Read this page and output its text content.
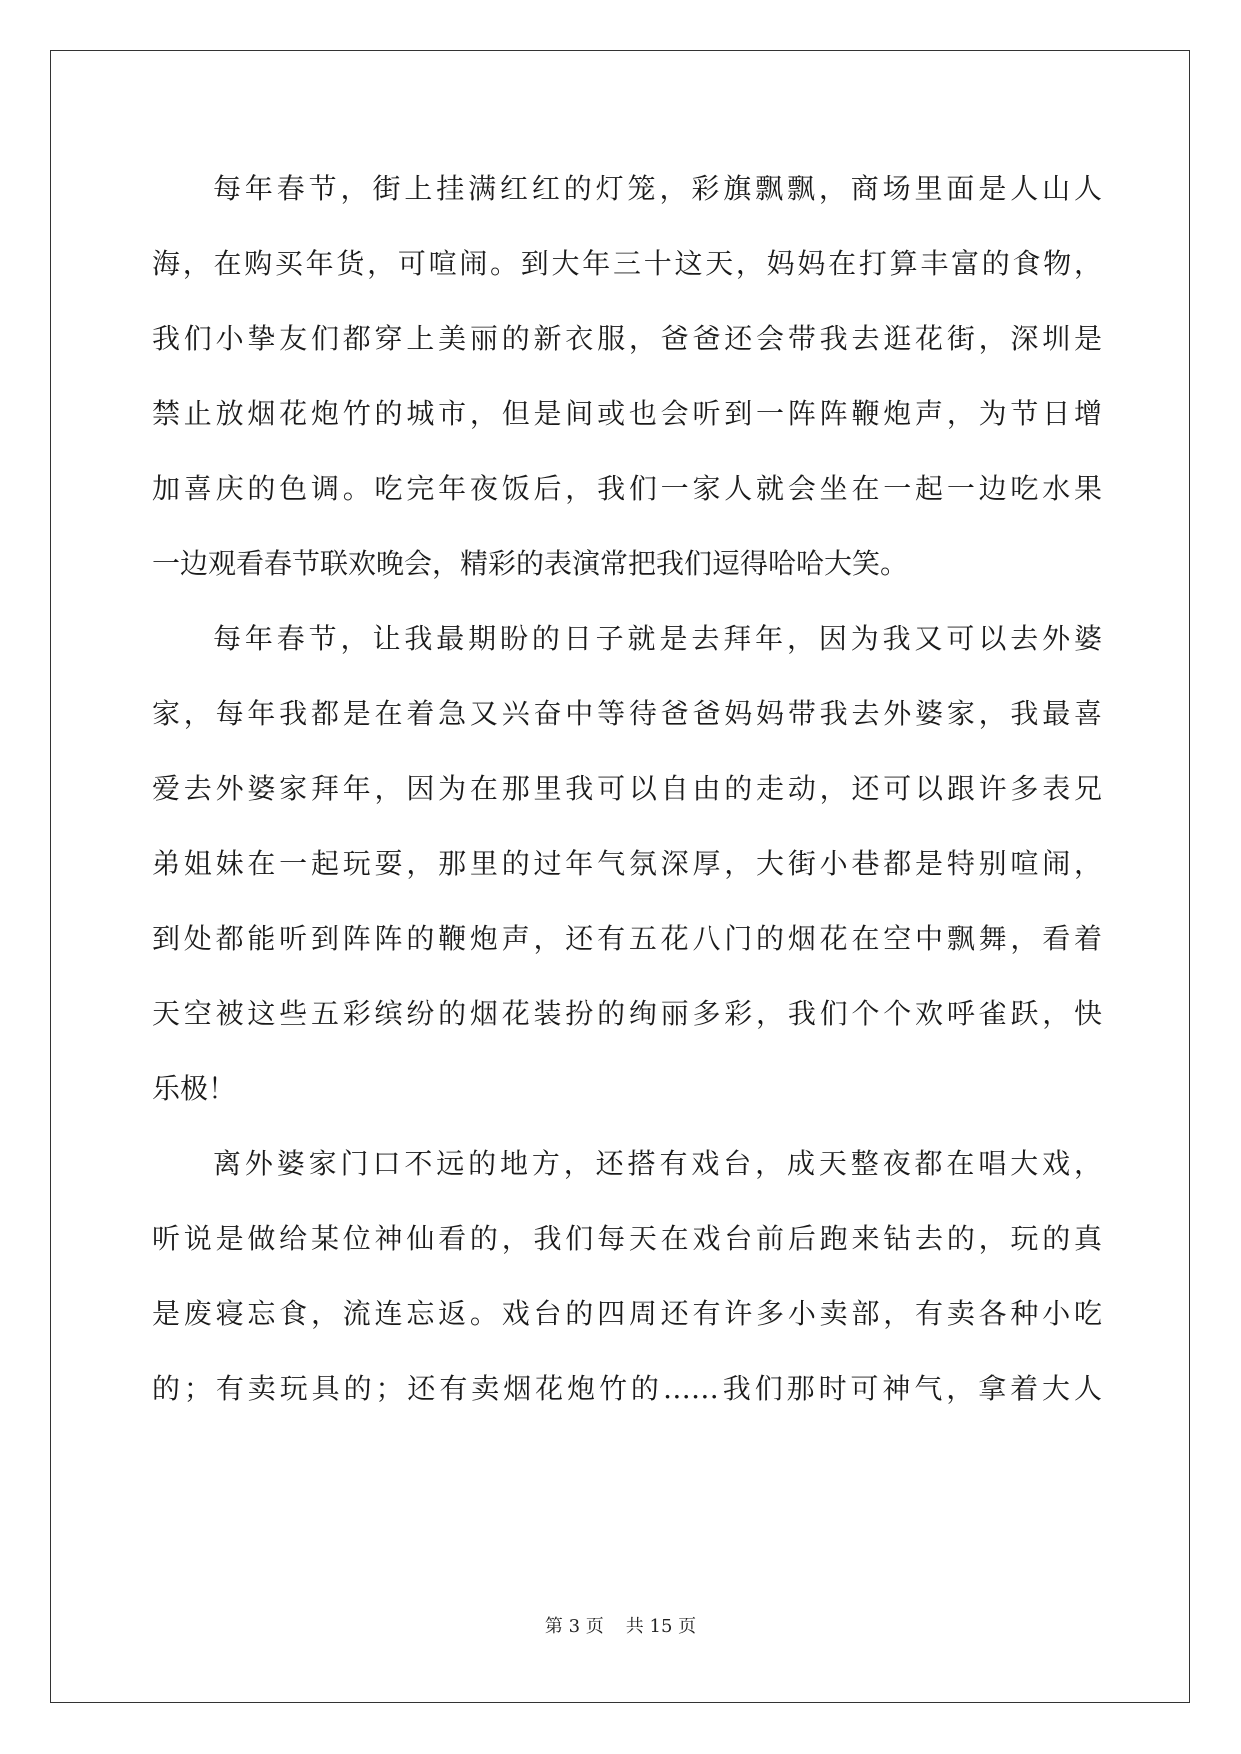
每年春节，街上挂满红红的灯笼，彩旗飘飘，商场里面是人山人
海，在购买年货，可喧闹。到大年三十这天，妈妈在打算丰富的食物，
我们小挚友们都穿上美丽的新衣服，爸爸还会带我去逛花街，深圳是
禁止放烟花炮竹的城市，但是间或也会听到一阵阵鞭炮声，为节日增
加喜庆的色调。吃完年夜饭后，我们一家人就会坐在一起一边吃水果
一边观看春节联欢晚会，精彩的表演常把我们逗得哈哈大笑。
每年春节，让我最期盼的日子就是去拜年，因为我又可以去外婆
家，每年我都是在着急又兴奋中等待爸爸妈妈带我去外婆家，我最喜
爱去外婆家拜年，因为在那里我可以自由的走动，还可以跟许多表兄
弟姐妹在一起玩耍，那里的过年气氛深厚，大街小巷都是特别喧闹，
到处都能听到阵阵的鞭炮声，还有五花八门的烟花在空中飘舞，看着
天空被这些五彩缤纷的烟花装扮的绚丽多彩，我们个个欢呼雀跃，快
乐极！
离外婆家门口不远的地方，还搭有戏台，成天整夜都在唱大戏，
听说是做给某位神仙看的，我们每天在戏台前后跑来钻去的，玩的真
是废寝忘食，流连忘返。戏台的四周还有许多小卖部，有卖各种小吃
的；有卖玩具的；还有卖烟花炮竹的……我们那时可神气，拿着大人
第 3 页 共 15 页
